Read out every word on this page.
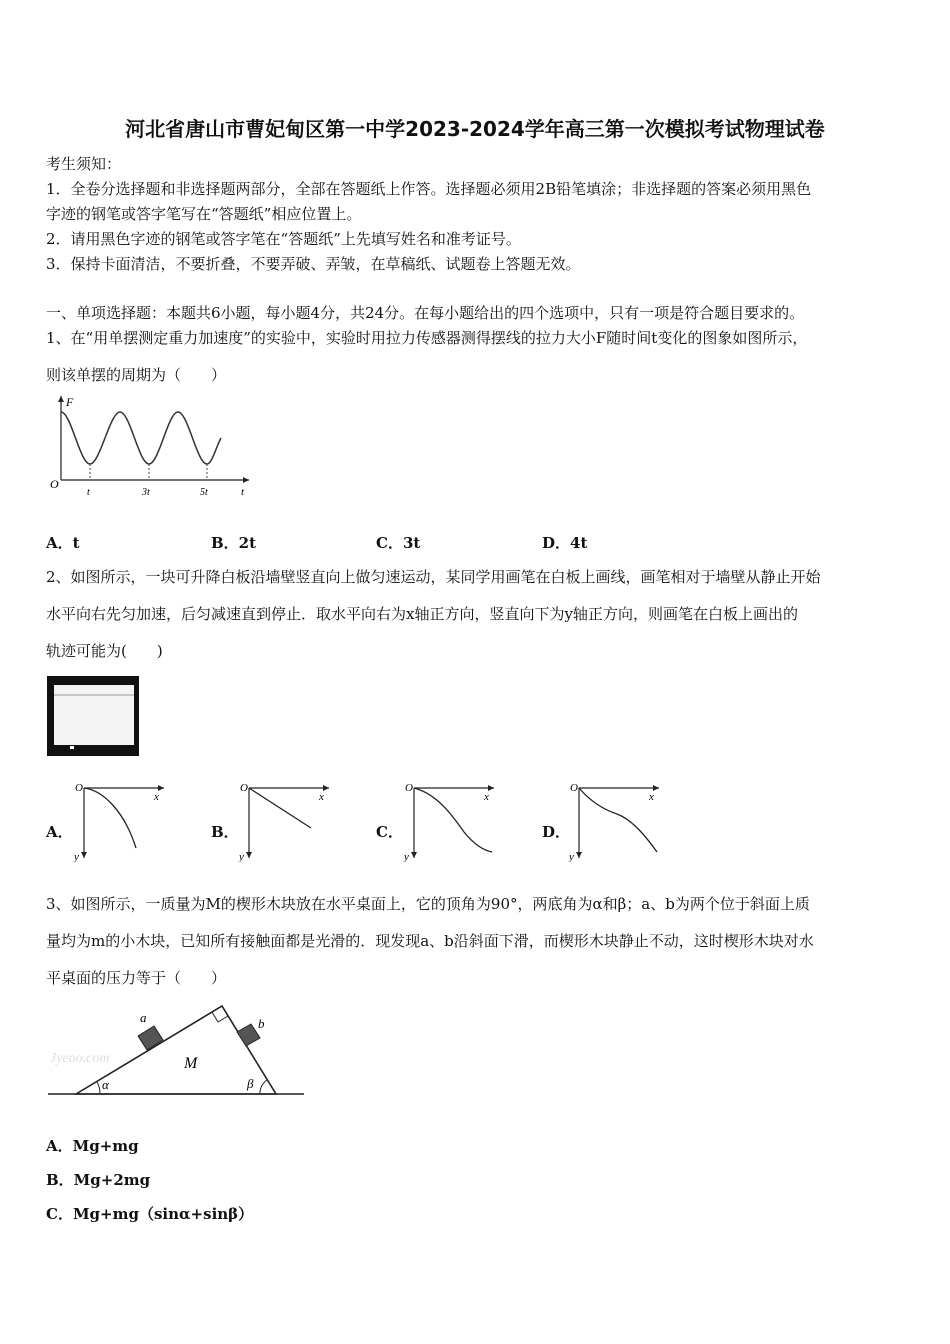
河北省唐山市曹妃甸区第一中学2023-2024学年高三第一次模拟考试物理试卷
考生须知：
1．全卷分选择题和非选择题两部分，全部在答题纸上作答。选择题必须用2B铅笔填涂；非选择题的答案必须用黑色
字迹的钢笔或答字笔写在“答题纸”相应位置上。
2．请用黑色字迹的钢笔或答字笔在“答题纸”上先填写姓名和准考证号。
3．保持卡面清洁，不要折叠，不要弄破、弄皱，在草稿纸、试题卷上答题无效。
一、单项选择题：本题共6小题，每小题4分，共24分。在每小题给出的四个选项中，只有一项是符合题目要求的。
1、在“用单摆测定重力加速度”的实验中，实验时用拉力传感器测得摆线的拉力大小F随时间t变化的图象如图所示，
则该单摆的周期为（　　）
F
O
t	3t	5t	t
A．t	B．2t	C．3t	D．4t
2、如图所示，一块可升降白板沿墙壁竖直向上做匀速运动，某同学用画笔在白板上画线，画笔相对于墙壁从静止开始
水平向右先匀加速，后匀减速直到停止．取水平向右为x轴正方向，竖直向下为y轴正方向，则画笔在白板上画出的
轨迹可能为(　　)
A．
O
x
y
B．
O
x
y
C．
O
x
y
D．
O
x
y
3、如图所示，一质量为M的楔形木块放在水平桌面上，它的顶角为90°，两底角为α和β；a、b为两个位于斜面上质
量均为m的小木块，已知所有接触面都是光滑的．现发现a、b沿斜面下滑，而楔形木块静止不动，这时楔形木块对水
平桌面的压力等于（　　）
Jyeoo.com
a	b
M
α	β
A．Mg+mg
B．Mg+2mg
C．Mg+mg（sinα+sinβ）
